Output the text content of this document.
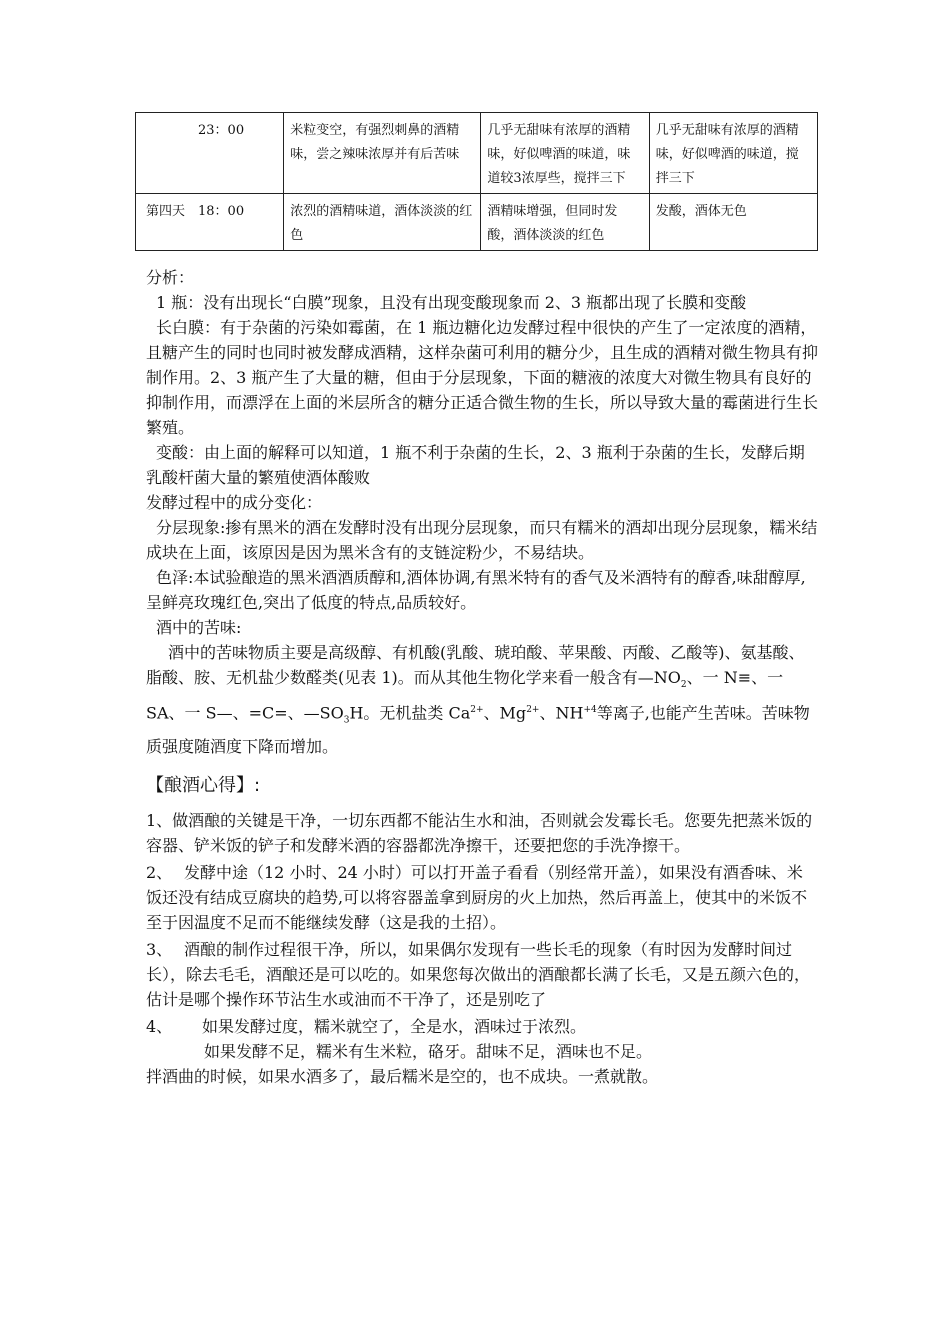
23：00	米粒变空，有强烈刺鼻的酒精味，尝之辣味浓厚并有后苦味	几乎无甜味有浓厚的酒精味，好似啤酒的味道，味道较3浓厚些，搅拌三下	几乎无甜味有浓厚的酒精味，好似啤酒的味道，搅拌三下
第四天　18：00	浓烈的酒精味道，酒体淡淡的红色	酒精味增强，但同时发酸，酒体淡淡的红色	发酸，酒体无色

分析：

1 瓶：没有出现长“白膜”现象，且没有出现变酸现象而 2、3 瓶都出现了长膜和变酸

长白膜：有于杂菌的污染如霉菌，在 1 瓶边糖化边发酵过程中很快的产生了一定浓度的酒精，且糖产生的同时也同时被发酵成酒精，这样杂菌可利用的糖分少，且生成的酒精对微生物具有抑制作用。2、3 瓶产生了大量的糖，但由于分层现象，下面的糖液的浓度大对微生物具有良好的抑制作用，而漂浮在上面的米层所含的糖分正适合微生物的生长，所以导致大量的霉菌进行生长繁殖。

变酸：由上面的解释可以知道，1 瓶不利于杂菌的生长，2、3 瓶利于杂菌的生长，发酵后期乳酸杆菌大量的繁殖使酒体酸败

发酵过程中的成分变化：

分层现象:掺有黑米的酒在发酵时没有出现分层现象，而只有糯米的酒却出现分层现象，糯米结成块在上面，该原因是因为黑米含有的支链淀粉少，不易结块。

色泽:本试验酿造的黑米酒酒质醇和,酒体协调,有黑米特有的香气及米酒特有的醇香,味甜醇厚,呈鲜亮玫瑰红色,突出了低度的特点,品质较好。

酒中的苦味:

酒中的苦味物质主要是高级醇、有机酸(乳酸、琥珀酸、苹果酸、丙酸、乙酸等)、氨基酸、脂酸、胺、无机盐少数醛类(见表 1)。而从其他生物化学来看一般含有$—NO_2$、一 N≡、一 SA、一 S—、=C=、$—SO_3H$。无机盐类 $Ca^{2+}$、$Mg^{2+}$、$NH^{+4}$等离子,也能产生苦味。苦味物质强度随酒度下降而增加。

【酿酒心得】:

1、做酒酿的关键是干净，一切东西都不能沾生水和油，否则就会发霉长毛。您要先把蒸米饭的容器、铲米饭的铲子和发酵米酒的容器都洗净擦干，还要把您的手洗净擦干。

2、 发酵中途（12 小时、24 小时）可以打开盖子看看（别经常开盖），如果没有酒香味、米饭还没有结成豆腐块的趋势,可以将容器盖拿到厨房的火上加热，然后再盖上，使其中的米饭不至于因温度不足而不能继续发酵（这是我的土招）。

3、 酒酿的制作过程很干净，所以，如果偶尔发现有一些长毛的现象（有时因为发酵时间过长），除去毛毛，酒酿还是可以吃的。如果您每次做出的酒酿都长满了长毛，又是五颜六色的，估计是哪个操作环节沾生水或油而不干净了，还是别吃了

4、 如果发酵过度，糯米就空了，全是水，酒味过于浓烈。

如果发酵不足，糯米有生米粒，硌牙。甜味不足，酒味也不足。

拌酒曲的时候，如果水酒多了，最后糯米是空的，也不成块。一煮就散。
